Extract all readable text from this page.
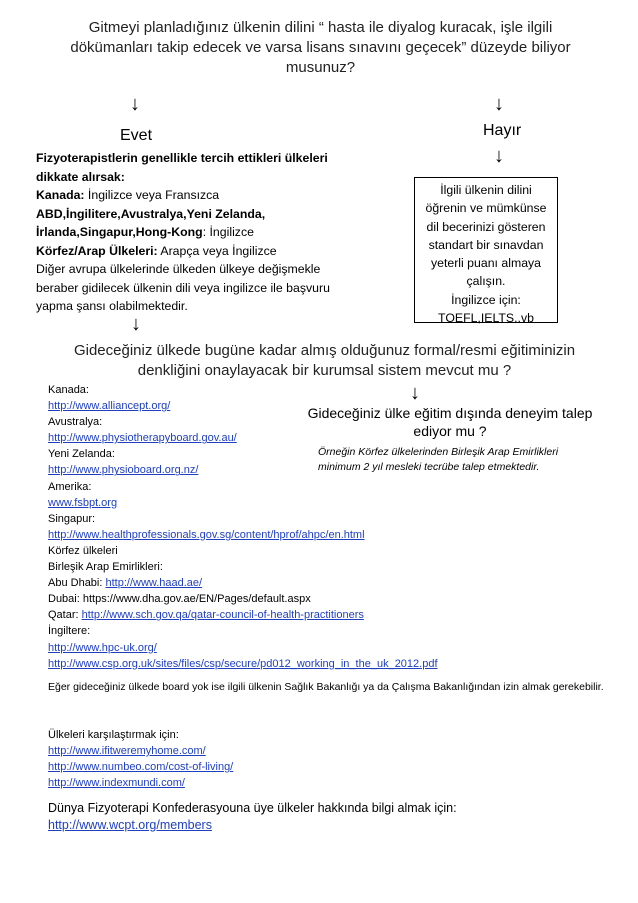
Gitmeyi planladığınız ülkenin dilini “ hasta ile diyalog kuracak, işle ilgili dökümanları takip edecek ve varsa lisans sınavını geçecek” düzeyde biliyor musunuz?
↓	↓
Evet	Hayır
↓
Fizyoterapistlerin genellikle tercih ettikleri ülkeleri dikkate alırsak:
Kanada: İngilizce veya Fransızca
ABD,İngilitere,Avustralya,Yeni Zelanda, İrlanda,Singapur,Hong-Kong: İngilizce
Körfez/Arap Ülkeleri: Arapça veya İngilizce
Diğer avrupa ülkelerinde ülkeden ülkeye değişmekle beraber gidilecek ülkenin dili veya ingilizce ile başvuru yapma şansı olabilmektedir.
İlgili ülkenin dilini öğrenin ve mümkünse dil becerinizi gösteren standart bir sınavdan yeterli puanı almaya çalışın.
İngilizce için:
TOEFL,IELTS..vb
↓
Gideceğiniz ülkede bugüne kadar almış olduğunuz formal/resmi eğitiminizin denkliğini onaylayacak bir kurumsal sistem mevcut mu ?
↓
Gideceğiniz ülke eğitim dışında deneyim talep ediyor mu ?
Örneğin Körfez ülkelerinden Birleşik Arap Emirlikleri minimum 2 yıl mesleki tecrübe talep etmektedir.
Kanada:
http://www.alliancept.org/
Avustralya:
http://www.physiotherapyboard.gov.au/
Yeni Zelanda:
http://www.physioboard.org.nz/
Amerika:
www.fsbpt.org
Singapur:
http://www.healthprofessionals.gov.sg/content/hprof/ahpc/en.html
Körfez ülkeleri
Birleşik Arap Emirlikleri:
Abu Dhabi: http://www.haad.ae/
Dubai: https://www.dha.gov.ae/EN/Pages/default.aspx
Qatar: http://www.sch.gov.qa/qatar-council-of-health-practitioners
İngiltere:
http://www.hpc-uk.org/
http://www.csp.org.uk/sites/files/csp/secure/pd012_working_in_the_uk_2012.pdf
Eğer gideceğiniz ülkede board yok ise ilgili ülkenin Sağlık Bakanlığı ya da Çalışma Bakanlığından izin almak gerekebilir.
Ülkeleri karşılaştırmak için:
http://www.ifitweremyhome.com/
http://www.numbeo.com/cost-of-living/
http://www.indexmundi.com/
Dünya Fizyoterapi Konfederasyouna üye ülkeler hakkında bilgi almak için:
http://www.wcpt.org/members
